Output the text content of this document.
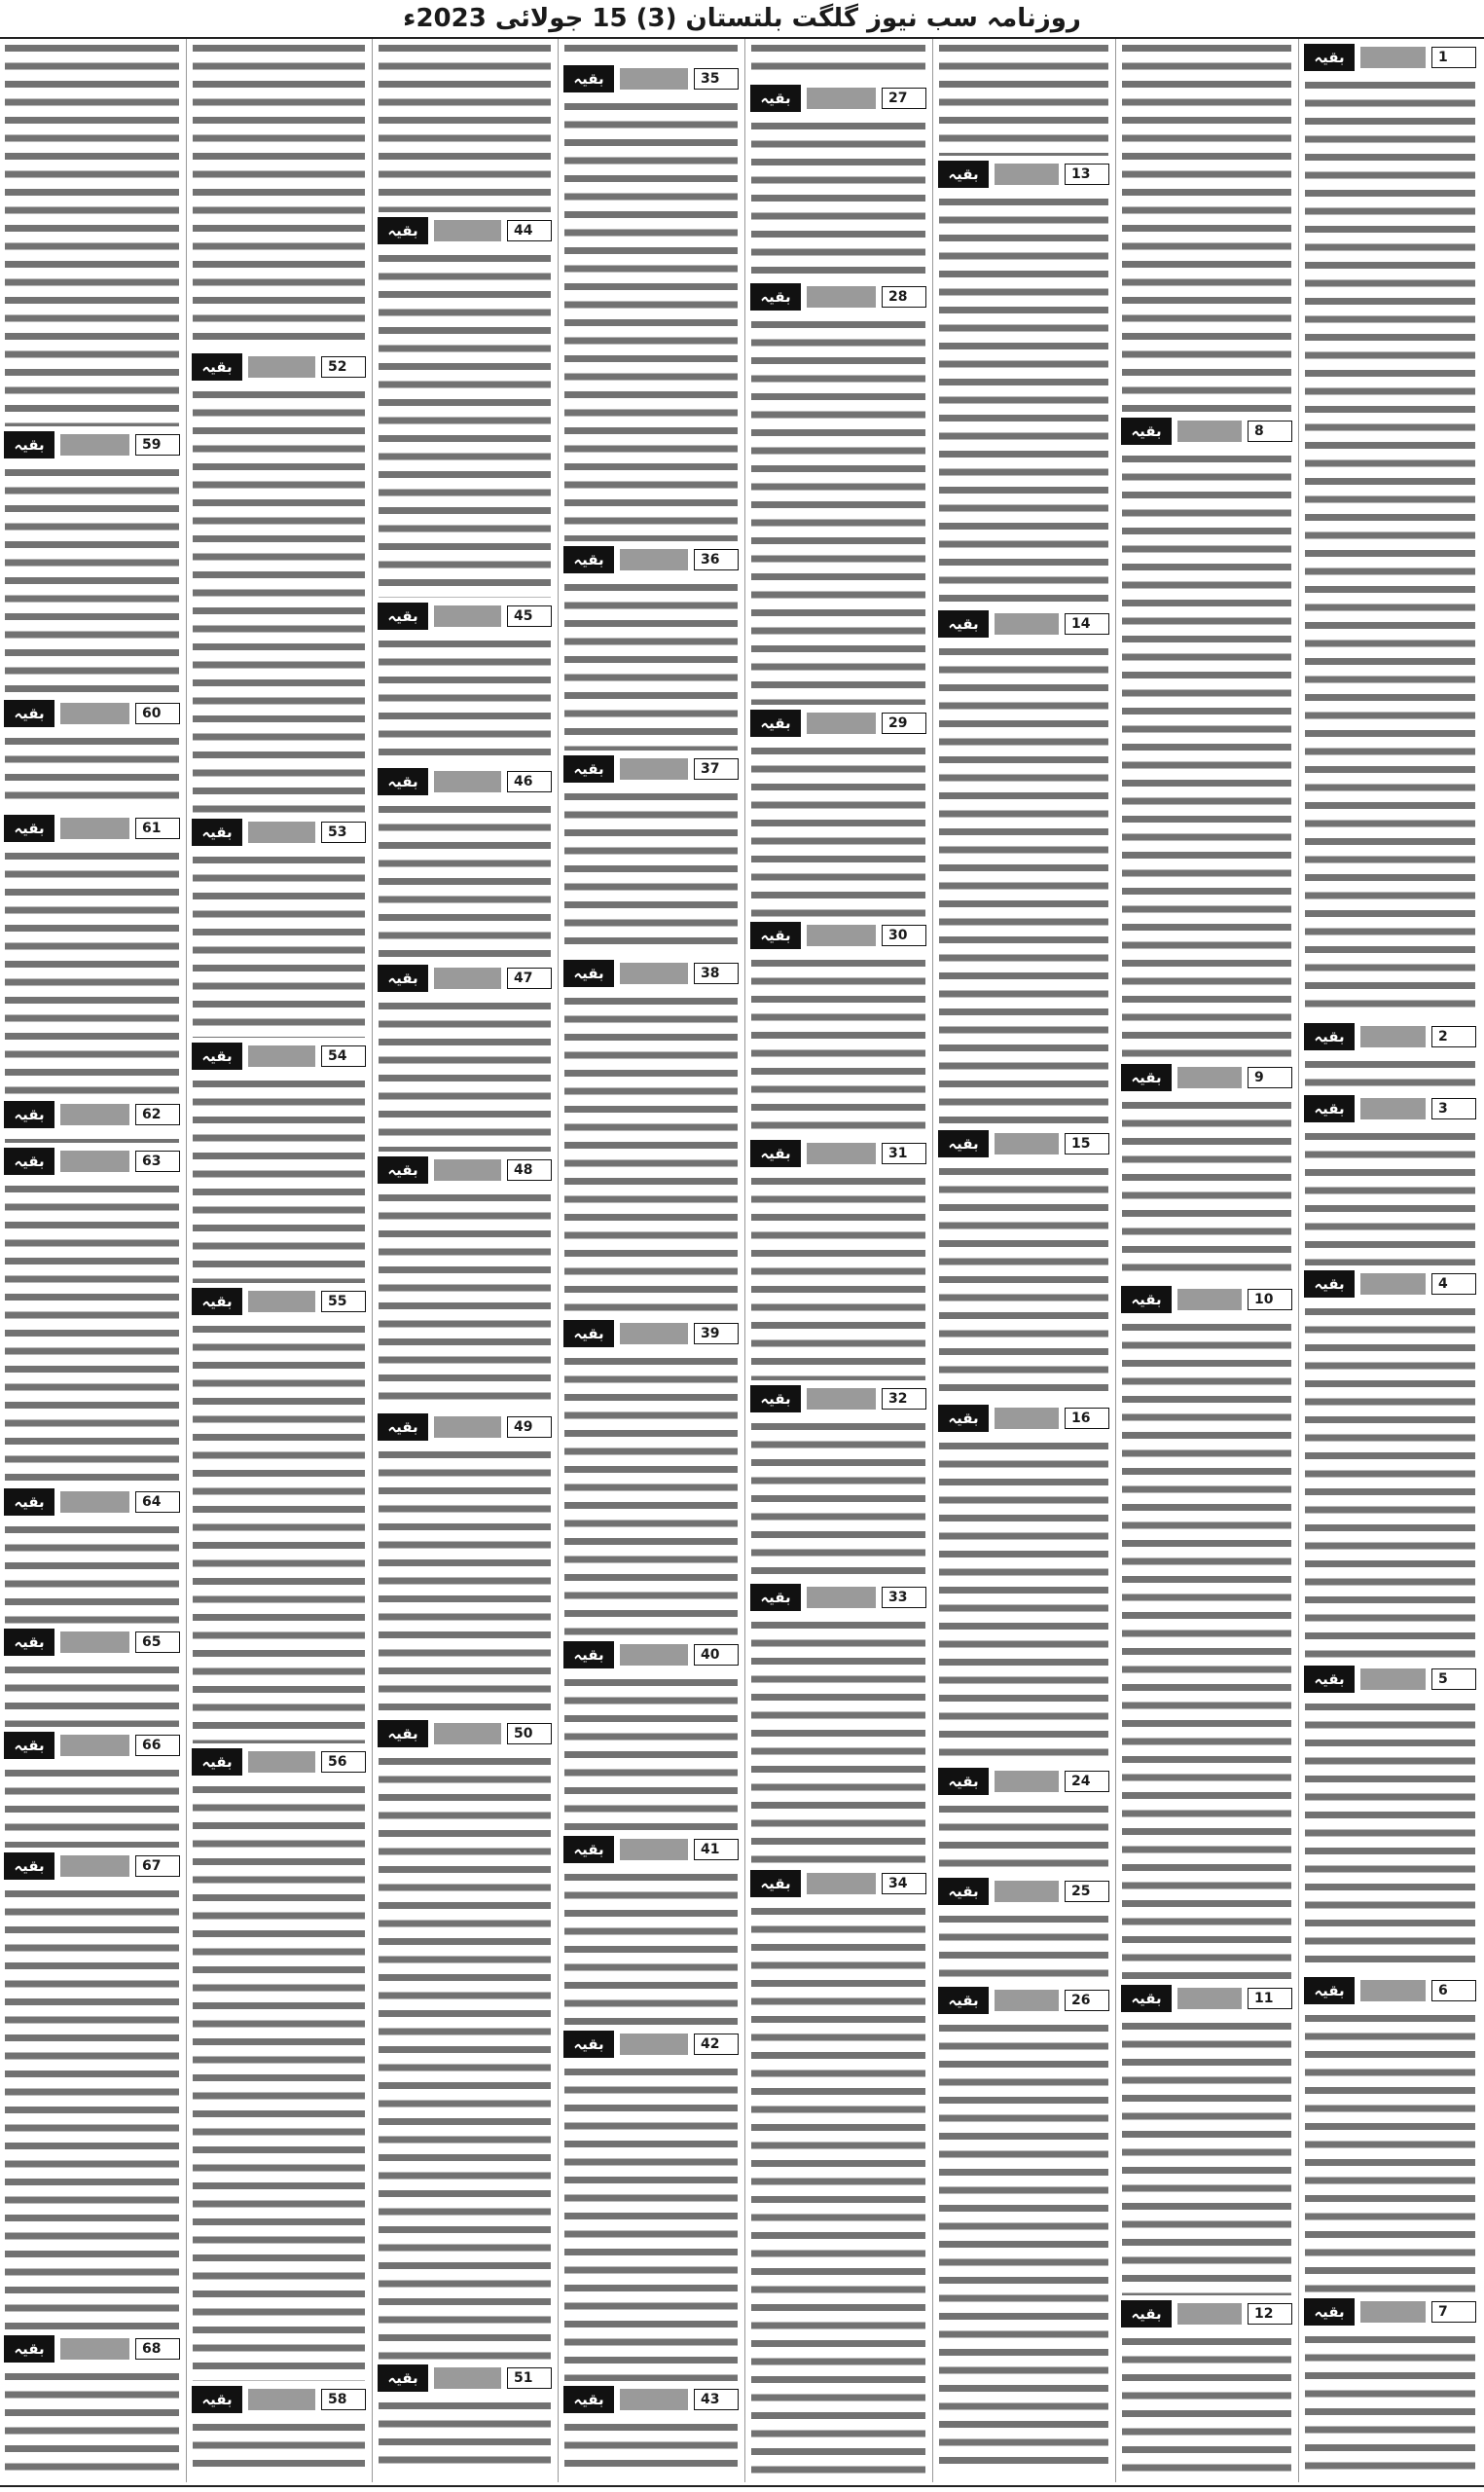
روزنامہ سب نیوز گلگت بلتستان (3) 15 جولائی 2023ء
بقیہ	1
بقیہ	2
بقیہ	3
بقیہ	4
بقیہ	5
بقیہ	6
بقیہ	7
بقیہ	8
بقیہ	9
بقیہ	10
بقیہ	11
بقیہ	12
بقیہ	13
بقیہ	14
بقیہ	15
بقیہ	16
بقیہ	24
بقیہ	25
بقیہ	26
بقیہ	27
بقیہ	28
بقیہ	29
بقیہ	30
بقیہ	31
بقیہ	32
بقیہ	33
بقیہ	34
بقیہ	35
بقیہ	36
بقیہ	37
بقیہ	38
بقیہ	39
بقیہ	40
بقیہ	41
بقیہ	42
بقیہ	43
بقیہ	44
بقیہ	45
بقیہ	46
بقیہ	47
بقیہ	48
بقیہ	49
بقیہ	50
بقیہ	51
بقیہ	52
بقیہ	53
بقیہ	54
بقیہ	55
بقیہ	56
بقیہ	58
بقیہ	59
بقیہ	60
بقیہ	61
بقیہ	62
بقیہ	63
بقیہ	64
بقیہ	65
بقیہ	66
بقیہ	67
بقیہ	68
